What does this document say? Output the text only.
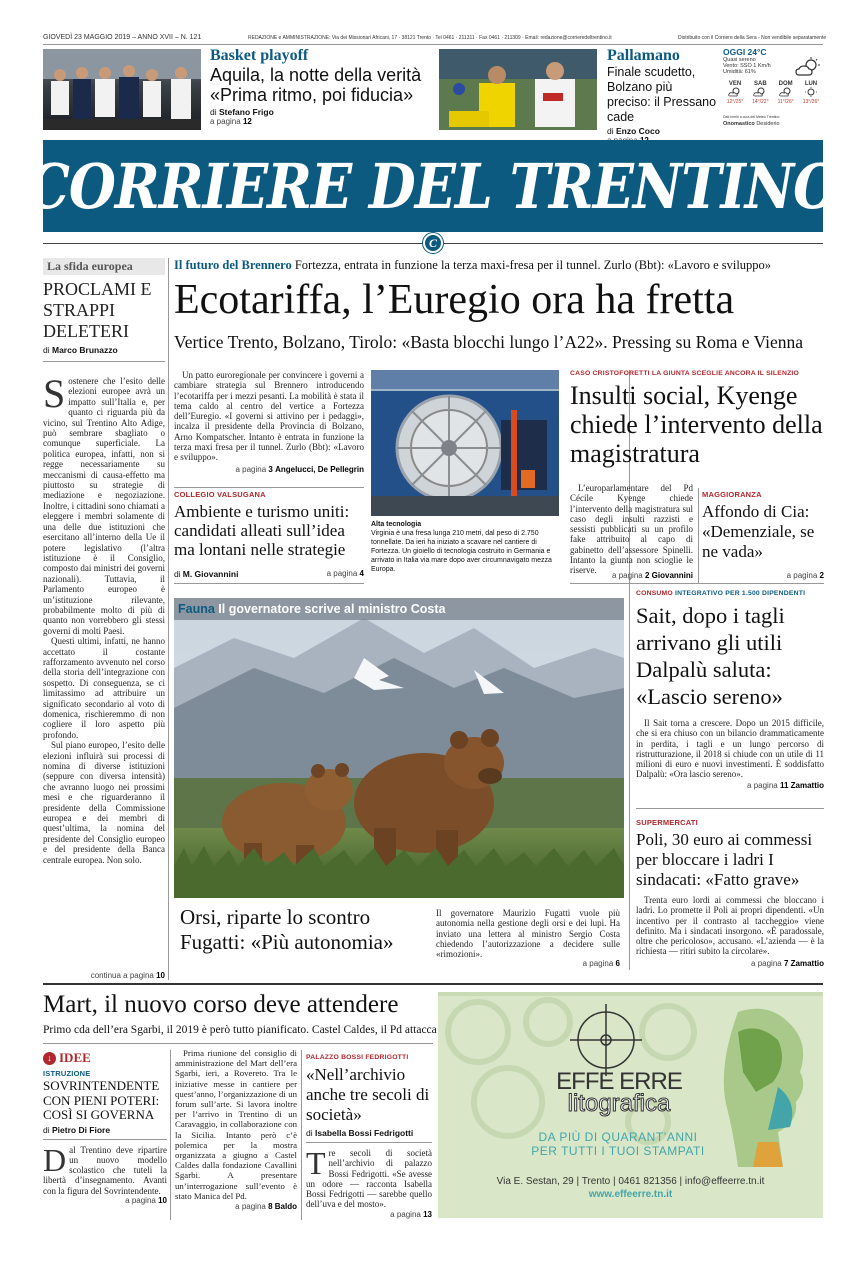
GIOVEDÌ 23 MAGGIO 2019 – ANNO XVII – N. 121	REDAZIONE e AMMINISTRAZIONE: Via dei Missionari Africani, 17 · 38121 Trento · Tel 0461 · 211311 · Fax 0461 · 211309 · Email: redazione@corrieredeltrentino.it	Distribuito con il Corriere della Sera - Non vendibile separatamente
Basket playoff
Aquila, la notte della verità «Prima ritmo, poi fiducia»
di Stefano Frigo
a pagina 12
Pallamano
Finale scudetto, Bolzano più preciso: il Pressano cade
di Enzo Coco
OGGI 24°C
Quasi sereno
Vento: SSO 1 Km/h
Umidità: 61%
VEN
12°/25°
SAB
14°/22°
DOM
11°/26°
LUN
13°/26°
Dati forniti a cura del Meteo Trentino
Onomastico Desiderio
CORRIERE DEL TRENTINO
C
La sfida europea
PROCLAMI E STRAPPI DELETERI
di Marco Brunazzo
Sostenere che l’esito delle elezioni europee avrà un impatto sull’Italia e, per quanto ci riguarda più da vicino, sul Trentino Alto Adige, può sembrare sbagliato o comunque superficiale. La politica europea, infatti, non si regge necessariamente su meccanismi di causa-effetto ma piuttosto su strategie di mediazione e negoziazione. Inoltre, i cittadini sono chiamati a eleggere i membri solamente di una delle due istituzioni che esercitano all’interno della Ue il potere legislativo (l’altra istituzione è il Consiglio, composto dai ministri dei governi nazionali). Tuttavia, il Parlamento europeo è un’istituzione rilevante, probabilmente molto di più di quanto non vorrebbero gli stessi governi di molti Paesi.
Questi ultimi, infatti, ne hanno accettato il costante rafforzamento avvenuto nel corso della storia dell’integrazione con sospetto. Di conseguenza, se ci limitassimo ad attribuire un significato secondario al voto di domenica, rischieremmo di non cogliere il loro aspetto più profondo.
Sul piano europeo, l’esito delle elezioni influirà sui processi di nomina di diverse istituzioni (seppure con diversa intensità) che avranno luogo nei prossimi mesi e che riguarderanno il presidente della Commissione europea e dei membri di quest’ultima, la nomina del presidente del Consiglio europeo e del presidente della Banca centrale europea. Non solo.
continua a pagina 10
Il futuro del Brennero Fortezza, entrata in funzione la terza maxi-fresa per il tunnel. Zurlo (Bbt): «Lavoro e sviluppo»
Ecotariffa, l’Euregio ora ha fretta
Vertice Trento, Bolzano, Tirolo: «Basta blocchi lungo l’A22». Pressing su Roma e Vienna
Un patto euroregionale per convincere i governi a cambiare strategia sul Brennero introducendo l’ecotariffa per i mezzi pesanti. La mobilità è stata il tema caldo al centro del vertice a Fortezza dell’Euregio. «I governi si attivino per i pedaggi», incalza il presidente della Provincia di Bolzano, Arno Kompatscher. Intanto è entrata in funzione la terza maxi fresa per il tunnel. Zurlo (Bbt): «Lavoro e sviluppo».
a pagina 3 Angelucci, De Pellegrin
Alta tecnologia
Virginia è una fresa lunga 210 metri, dal peso di 2.750 tonnellate. Da ieri ha iniziato a scavare nel cantiere di Fortezza. Un gioiello di tecnologia costruito in Germania e arrivato in Italia via mare dopo aver circumnavigato mezza Europa.
COLLEGIO VALSUGANA
Ambiente e turismo uniti: candidati alleati sull’idea ma lontani nelle strategie
di M. Giovannini	a pagina 4
CASO CRISTOFORETTI LA GIUNTA SCEGLIE ANCORA IL SILENZIO
Insulti social, Kyenge chiede l’intervento della magistratura
L’europarlamentare del Pd Cécile Kyenge chiede l’intervento della magistratura sul caso degli insulti razzisti e sessisti pubblicati su un profilo fake attribuito al capo di gabinetto dell’assessore Spinelli. Intanto la giunta non scioglie le riserve.
a pagina 2 Giovannini
MAGGIORANZA
Affondo di Cia: «Demenziale, se ne vada»
a pagina 2
Fauna Il governatore scrive al ministro Costa
Orsi, riparte lo scontro Fugatti: «Più autonomia»
Il governatore Maurizio Fugatti vuole più autonomia nella gestione degli orsi e dei lupi. Ha inviato una lettera al ministro Sergio Costa chiedendo l’autorizzazione a decidere sulle «rimozioni».
a pagina 6
CONSUMO INTEGRATIVO PER 1.500 DIPENDENTI
Sait, dopo i tagli arrivano gli utili Dalpalù saluta: «Lascio sereno»
Il Sait torna a crescere. Dopo un 2015 difficile, che si era chiuso con un bilancio drammaticamente in perdita, i tagli e un lungo percorso di ristrutturazione, il 2018 si chiude con un utile di 11 milioni di euro e nuovi investimenti. È soddisfatto Dalpalù: «Ora lascio sereno».
a pagina 11 Zamattio
SUPERMERCATI
Poli, 30 euro ai commessi per bloccare i ladri I sindacati: «Fatto grave»
Trenta euro lordi ai commessi che bloccano i ladri. Lo promette il Poli ai propri dipendenti. «Un incentivo per il contrasto al taccheggio» viene definito. Ma i sindacati insorgono. «È paradossale, oltre che pericoloso», accusano. «L’azienda — è la richiesta — ritiri subito la circolare».
a pagina 7 Zamattio
Mart, il nuovo corso deve attendere
Primo cda dell’era Sgarbi, il 2019 è però tutto pianificato. Castel Caldes, il Pd attacca
↓ IDEE
ISTRUZIONE
SOVRINTENDENTE CON PIENI POTERI: COSÌ SI GOVERNA
di Pietro Di Fiore
Dal Trentino deve ripartire un nuovo modello scolastico che tuteli la libertà d’insegnamento. Avanti con la figura del Sovrintendente.
a pagina 10
Prima riunione del consiglio di amministrazione del Mart dell’era Sgarbi, ieri, a Rovereto. Tra le iniziative messe in cantiere per quest’anno, l’organizzazione di un forum sull’arte. Si lavora inoltre per l’arrivo in Trentino di un Caravaggio, in collaborazione con la Sicilia. Intanto però c’è polemica per la mostra organizzata a giugno a Castel Caldes dalla fondazione Cavallini Sgarbi. A presentare un’interrogazione sull’evento è stato Manica del Pd.
a pagina 8 Baldo
PALAZZO BOSSI FEDRIGOTTI
«Nell’archivio anche tre secoli di società»
di Isabella Bossi Fedrigotti
Tre secoli di società nell’archivio di palazzo Bossi Fedrigotti. «Se avesse un odore — racconta Isabella Bossi Fedrigotti — sarebbe quello dell’uva e del mosto».
a pagina 13
EFFE ERRE
litografica
DA PIÙ DI QUARANT’ANNI
PER TUTTI I TUOI STAMPATI
Via E. Sestan, 29 | Trento | 0461 821356 | info@effeerre.tn.it
www.effeerre.tn.it
